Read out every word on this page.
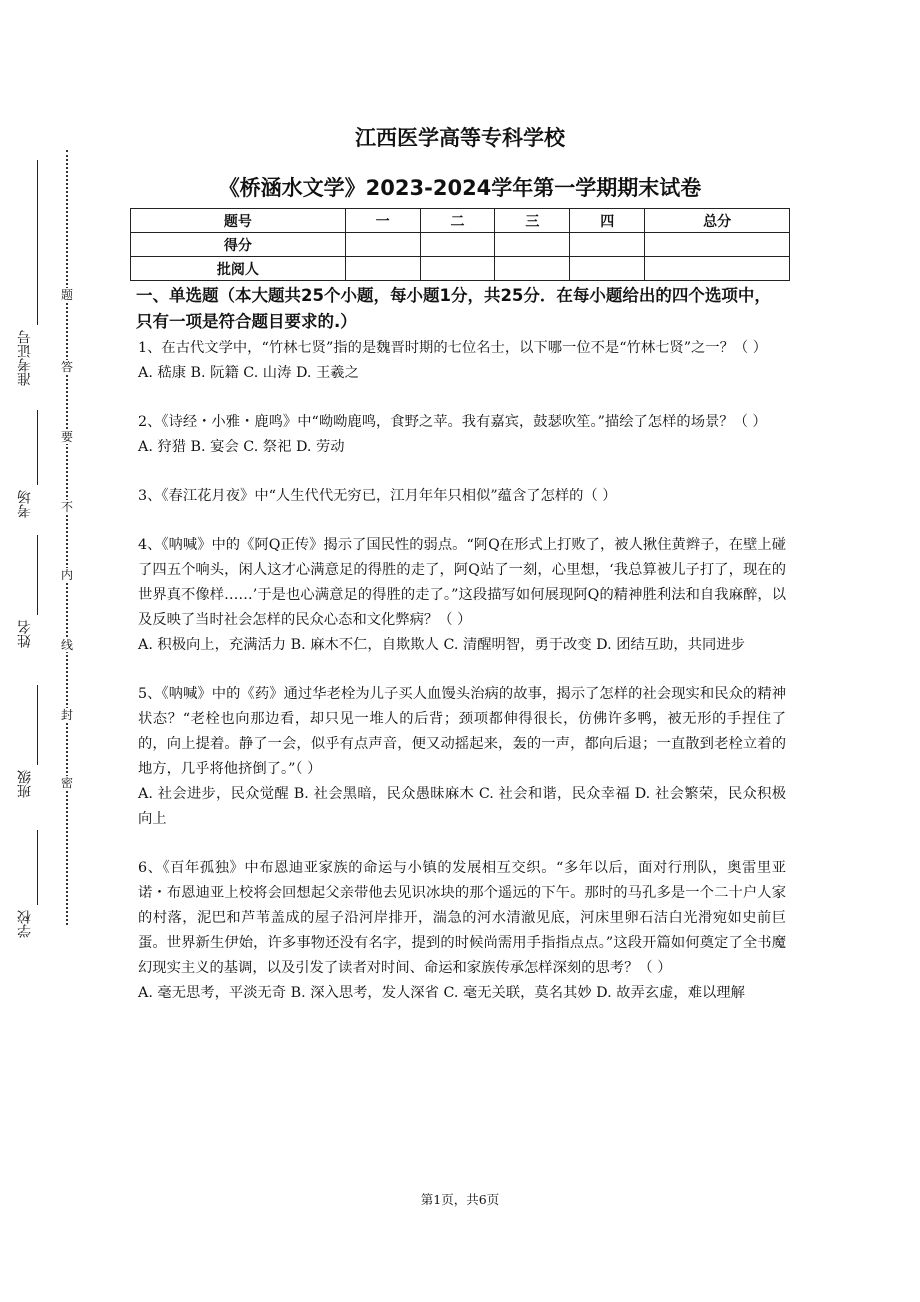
准考证号
考场
姓名
班级
学校
题
答
要
不
内
线
封
密
江西医学高等专科学校
《桥涵水文学》2023-2024学年第一学期期末试卷
题号	一	二	三	四	总分
得分					
批阅人					
一、单选题（本大题共25个小题，每小题1分，共25分．在每小题给出的四个选项中，只有一项是符合题目要求的.）

1、在古代文学中，“竹林七贤”指的是魏晋时期的七位名士，以下哪一位不是“竹林七贤”之一？（ ）

A. 嵇康 B. 阮籍 C. 山涛 D. 王羲之

2、《诗经・小雅・鹿鸣》中“呦呦鹿鸣，食野之苹。我有嘉宾，鼓瑟吹笙。”描绘了怎样的场景？（ ）

A. 狩猎 B. 宴会 C. 祭祀 D. 劳动

3、《春江花月夜》中“人生代代无穷已，江月年年只相似”蕴含了怎样的（ ）

4、《呐喊》中的《阿Q正传》揭示了国民性的弱点。“阿Q在形式上打败了，被人揪住黄辫子，在壁上碰了四五个响头，闲人这才心满意足的得胜的走了，阿Q站了一刻，心里想，‘我总算被儿子打了，现在的世界真不像样……’于是也心满意足的得胜的走了。”这段描写如何展现阿Q的精神胜利法和自我麻醉，以及反映了当时社会怎样的民众心态和文化弊病？（ ）

A. 积极向上，充满活力 B. 麻木不仁，自欺欺人 C. 清醒明智，勇于改变 D. 团结互助，共同进步

5、《呐喊》中的《药》通过华老栓为儿子买人血馒头治病的故事，揭示了怎样的社会现实和民众的精神状态？“老栓也向那边看，却只见一堆人的后背；颈项都伸得很长，仿佛许多鸭，被无形的手捏住了的，向上提着。静了一会，似乎有点声音，便又动摇起来，轰的一声，都向后退；一直散到老栓立着的地方，几乎将他挤倒了。”（ ）

A. 社会进步，民众觉醒 B. 社会黑暗，民众愚昧麻木 C. 社会和谐，民众幸福 D. 社会繁荣，民众积极向上

6、《百年孤独》中布恩迪亚家族的命运与小镇的发展相互交织。“多年以后，面对行刑队，奥雷里亚诺・布恩迪亚上校将会回想起父亲带他去见识冰块的那个遥远的下午。那时的马孔多是一个二十户人家的村落，泥巴和芦苇盖成的屋子沿河岸排开，湍急的河水清澈见底，河床里卵石洁白光滑宛如史前巨蛋。世界新生伊始，许多事物还没有名字，提到的时候尚需用手指指点点。”这段开篇如何奠定了全书魔幻现实主义的基调，以及引发了读者对时间、命运和家族传承怎样深刻的思考？（ ）

A. 毫无思考，平淡无奇 B. 深入思考，发人深省 C. 毫无关联，莫名其妙 D. 故弄玄虚，难以理解

第1页，共6页
